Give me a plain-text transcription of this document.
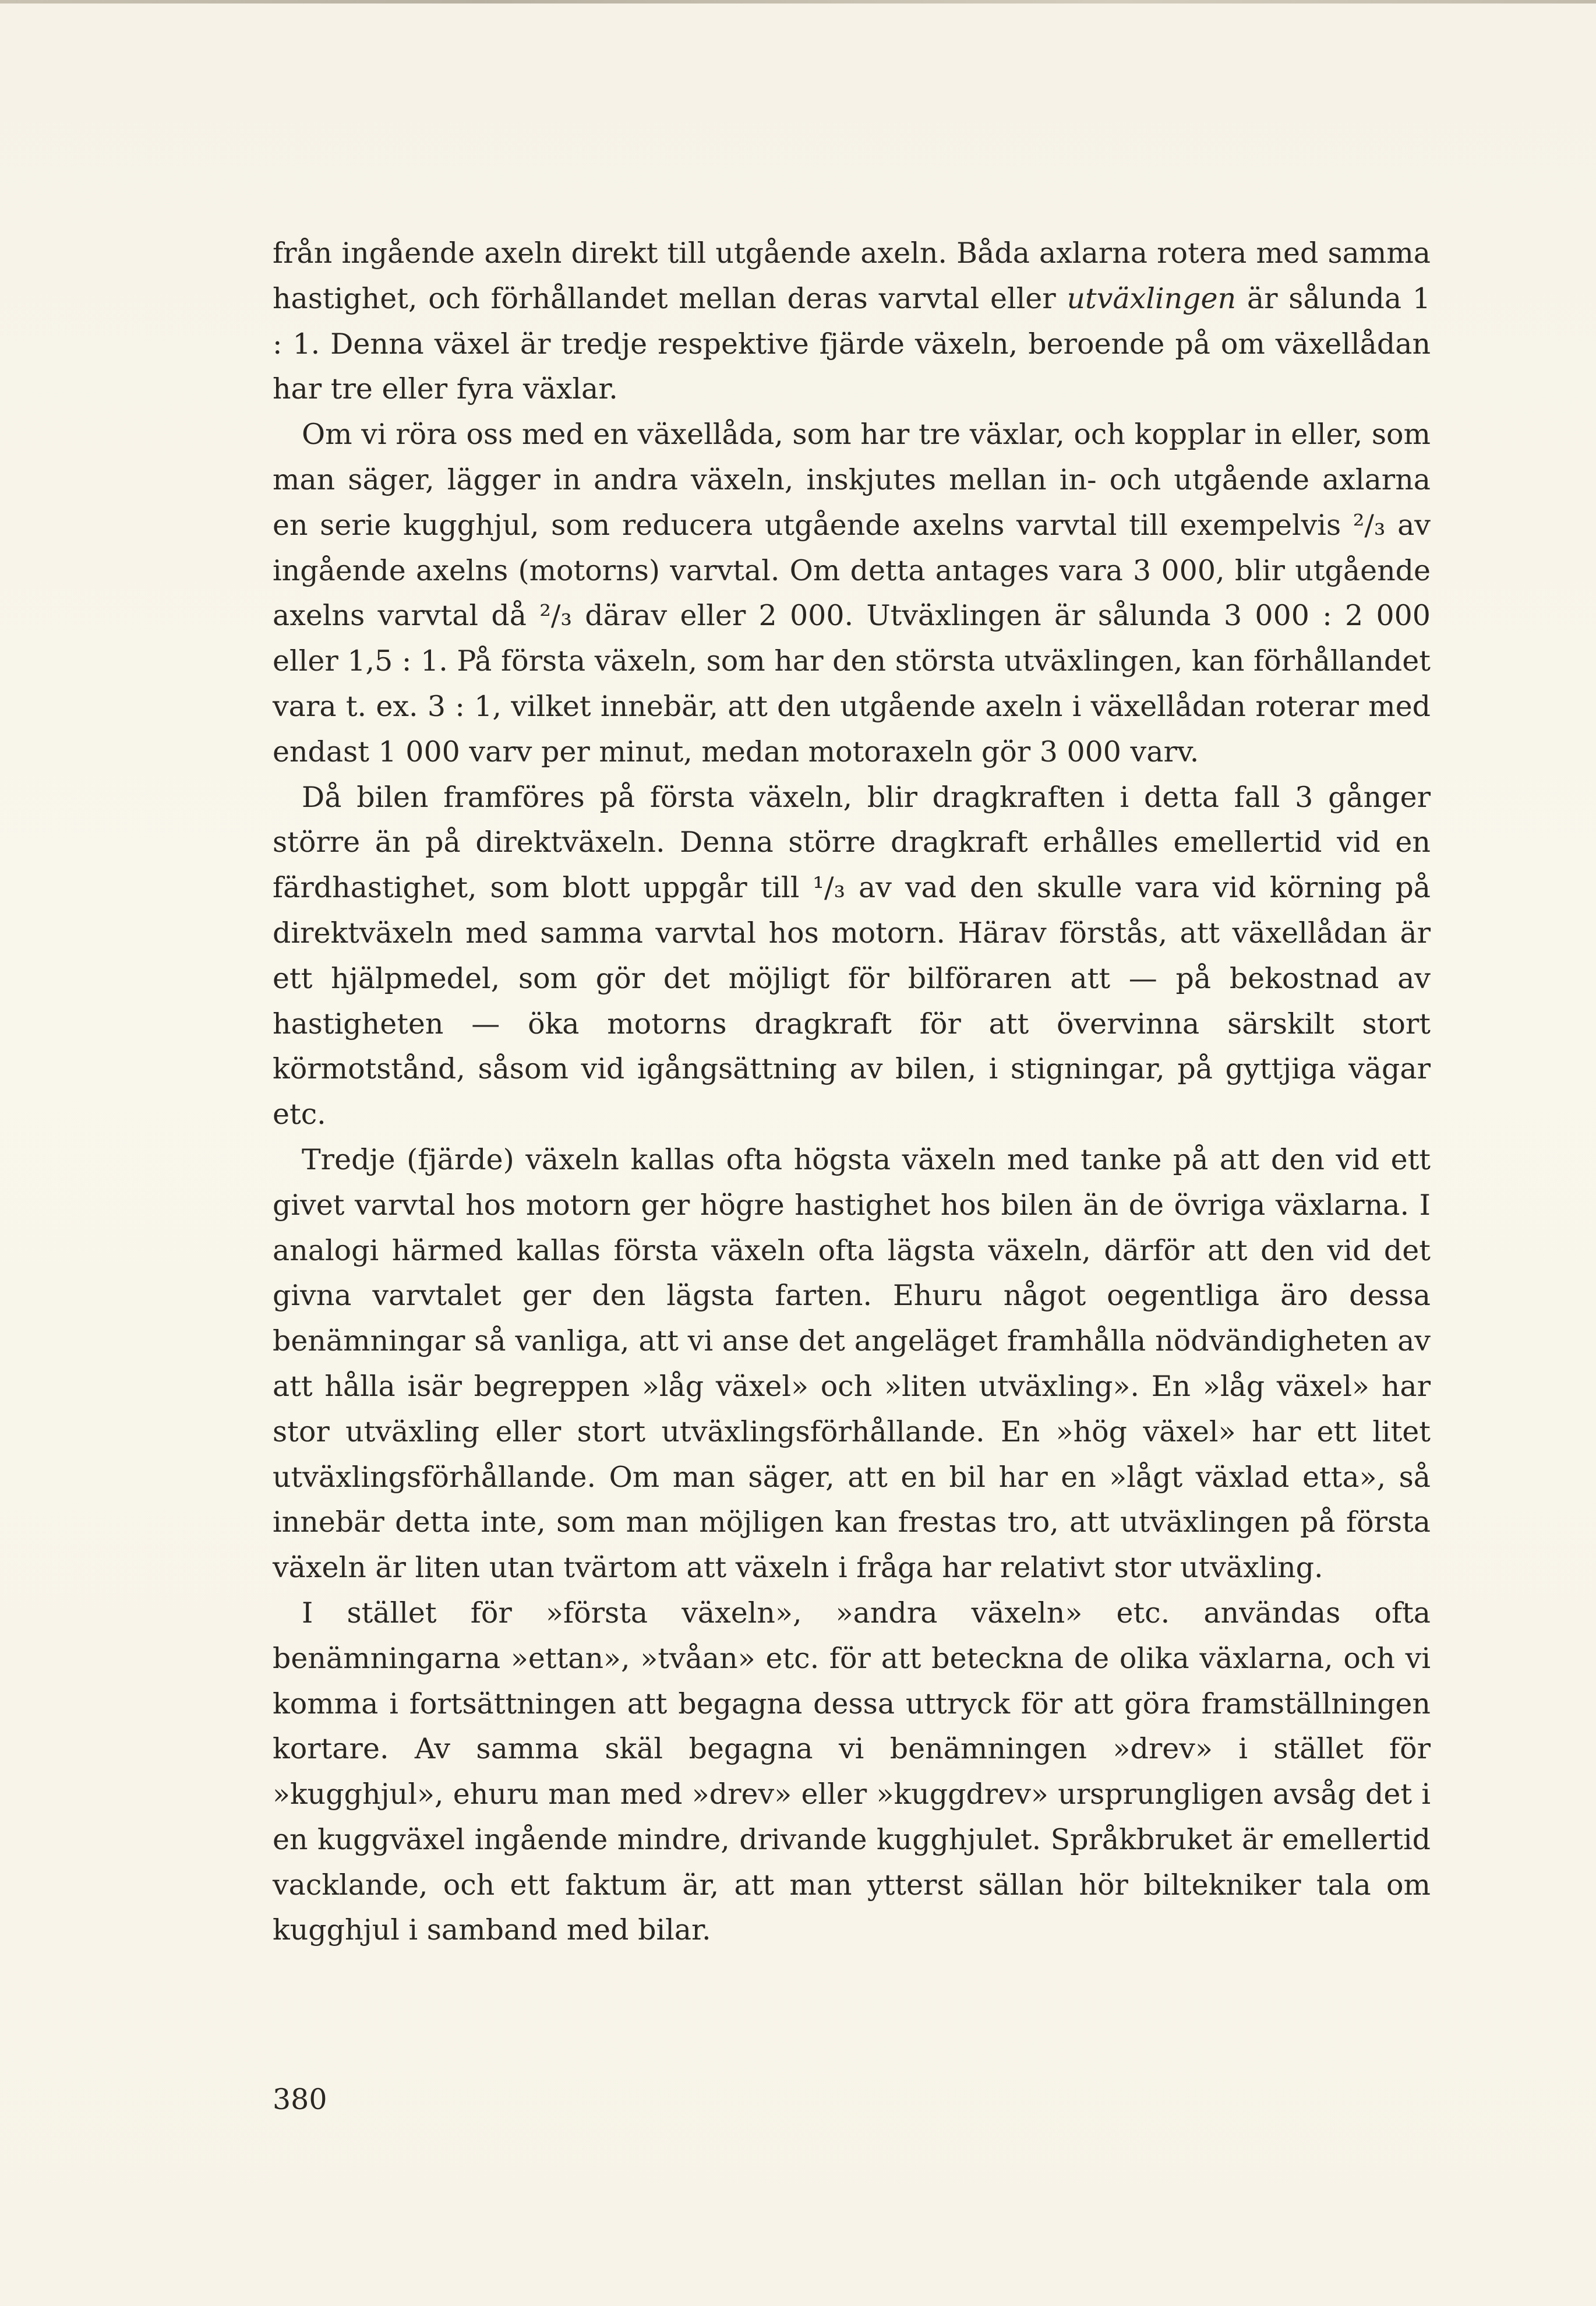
från ingående axeln direkt till utgående axeln. Båda axlarna rotera med samma hastighet, och förhållandet mellan deras varvtal eller utväxlingen är sålunda 1 : 1. Denna växel är tredje respektive fjärde växeln, beroende på om växellådan har tre eller fyra växlar.

Om vi röra oss med en växellåda, som har tre växlar, och kopplar in eller, som man säger, lägger in andra växeln, inskjutes mellan in- och utgående axlarna en serie kugghjul, som reducera utgående axelns varvtal till exempelvis ²/₃ av ingående axelns (motorns) varvtal. Om detta antages vara 3 000, blir utgående axelns varvtal då ²/₃ därav eller 2 000. Utväxlingen är sålunda 3 000 : 2 000 eller 1,5 : 1. På första växeln, som har den största utväxlingen, kan förhållandet vara t. ex. 3 : 1, vilket innebär, att den utgående axeln i växellådan roterar med endast 1 000 varv per minut, medan motoraxeln gör 3 000 varv.

Då bilen framföres på första växeln, blir dragkraften i detta fall 3 gånger större än på direktväxeln. Denna större dragkraft erhålles emellertid vid en färdhastighet, som blott uppgår till ¹/₃ av vad den skulle vara vid körning på direktväxeln med samma varvtal hos motorn. Härav förstås, att växellådan är ett hjälpmedel, som gör det möjligt för bilföraren att — på bekostnad av hastigheten — öka motorns dragkraft för att övervinna särskilt stort körmotstånd, såsom vid igångsättning av bilen, i stigningar, på gyttjiga vägar etc.

Tredje (fjärde) växeln kallas ofta högsta växeln med tanke på att den vid ett givet varvtal hos motorn ger högre hastighet hos bilen än de övriga växlarna. I analogi härmed kallas första växeln ofta lägsta växeln, därför att den vid det givna varvtalet ger den lägsta farten. Ehuru något oegentliga äro dessa benämningar så vanliga, att vi anse det angeläget framhålla nödvändigheten av att hålla isär begreppen »låg växel» och »liten utväxling». En »låg växel» har stor utväxling eller stort utväxlingsförhållande. En »hög växel» har ett litet utväxlingsförhållande. Om man säger, att en bil har en »lågt växlad etta», så innebär detta inte, som man möjligen kan frestas tro, att utväxlingen på första växeln är liten utan tvärtom att växeln i fråga har relativt stor utväxling.

I stället för »första växeln», »andra växeln» etc. användas ofta benämningarna »ettan», »tvåan» etc. för att beteckna de olika växlarna, och vi komma i fortsättningen att begagna dessa uttryck för att göra framställningen kortare. Av samma skäl begagna vi benämningen »drev» i stället för »kugghjul», ehuru man med »drev» eller »kuggdrev» ursprungligen avsåg det i en kuggväxel ingående mindre, drivande kugghjulet. Språkbruket är emellertid vacklande, och ett faktum är, att man ytterst sällan hör biltekniker tala om kugghjul i samband med bilar.

380
